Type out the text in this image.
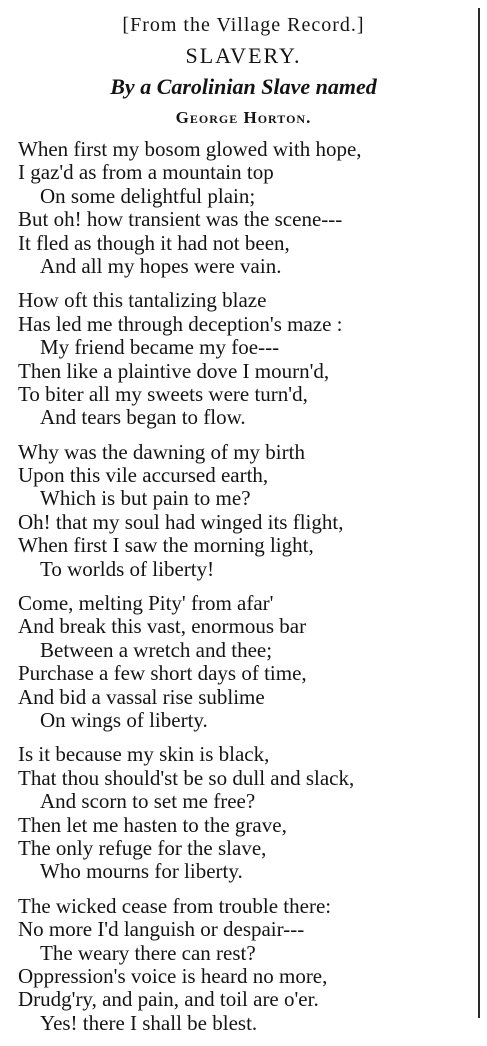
[From the Village Record.]
SLAVERY.
By a Carolinian Slave named
George Horton.
When first my bosom glowed with hope,
I gaz'd as from a mountain top
On some delightful plain;
But oh! how transient was the scene---
It fled as though it had not been,
And all my hopes were vain.
How oft this tantalizing blaze
Has led me through deception's maze :
My friend became my foe---
Then like a plaintive dove I mourn'd,
To biter all my sweets were turn'd,
And tears began to flow.
Why was the dawning of my birth
Upon this vile accursed earth,
Which is but pain to me?
Oh! that my soul had winged its flight,
When first I saw the morning light,
To worlds of liberty!
Come, melting Pity' from afar'
And break this vast, enormous bar
Between a wretch and thee;
Purchase a few short days of time,
And bid a vassal rise sublime
On wings of liberty.
Is it because my skin is black,
That thou should'st be so dull and slack,
And scorn to set me free?
Then let me hasten to the grave,
The only refuge for the slave,
Who mourns for liberty.
The wicked cease from trouble there:
No more I'd languish or despair---
The weary there can rest?
Oppression's voice is heard no more,
Drudg'ry, and pain, and toil are o'er.
Yes! there I shall be blest.
